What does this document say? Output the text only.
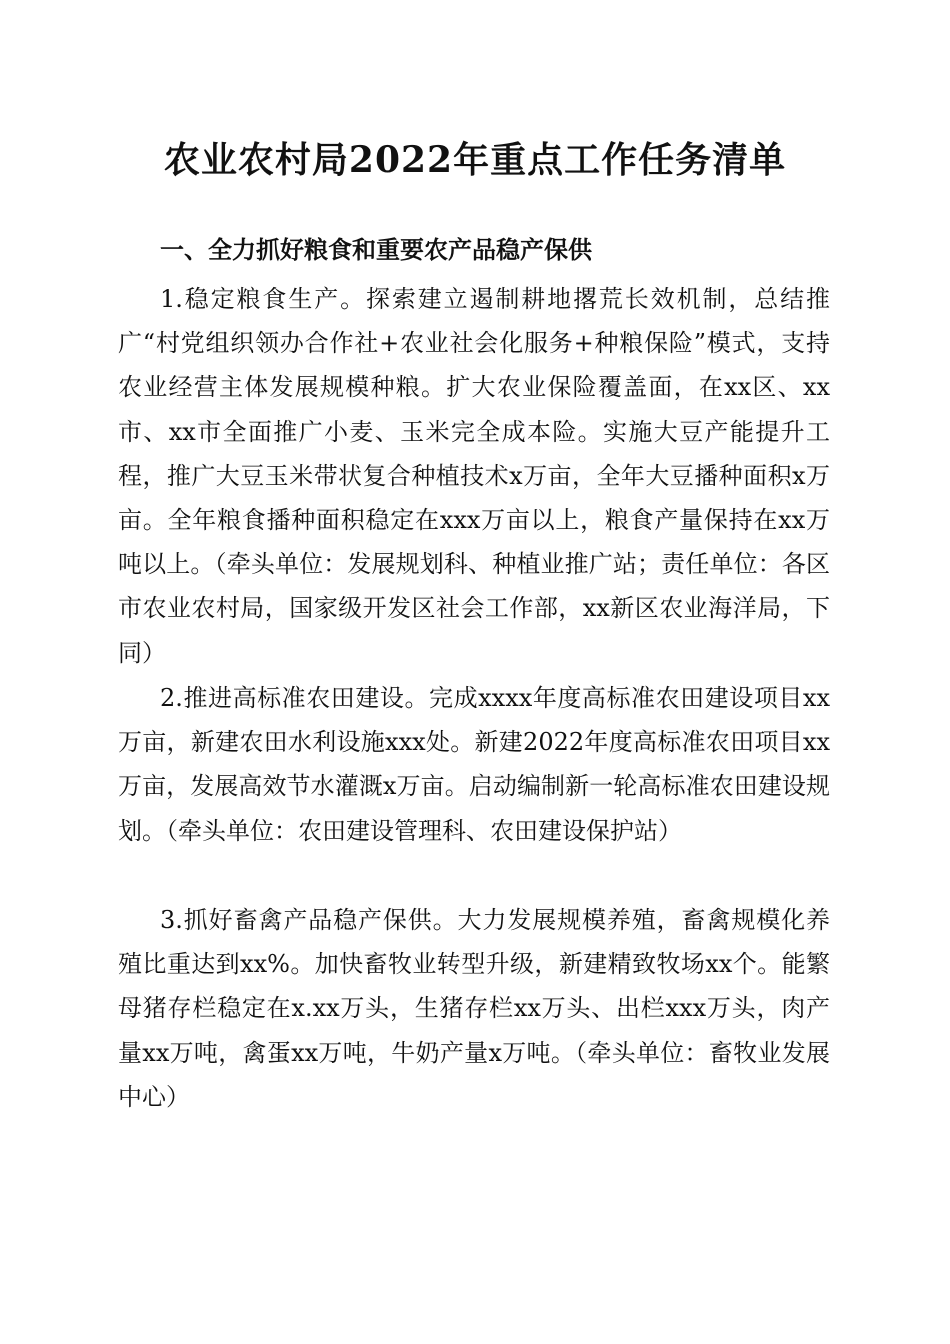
农业农村局2022年重点工作任务清单
一、全力抓好粮食和重要农产品稳产保供

1.稳定粮食生产。探索建立遏制耕地撂荒长效机制，总结推广“村党组织领办合作社+农业社会化服务+种粮保险”模式，支持农业经营主体发展规模种粮。扩大农业保险覆盖面，在xx区、xx市、xx市全面推广小麦、玉米完全成本险。实施大豆产能提升工程，推广大豆玉米带状复合种植技术x万亩，全年大豆播种面积x万亩。全年粮食播种面积稳定在xxx万亩以上，粮食产量保持在xx万吨以上。（牵头单位：发展规划科、种植业推广站；责任单位：各区市农业农村局，国家级开发区社会工作部，xx新区农业海洋局，下同）

2.推进高标准农田建设。完成xxxx年度高标准农田建设项目xx万亩，新建农田水利设施xxx处。新建2022年度高标准农田项目xx万亩，发展高效节水灌溉x万亩。启动编制新一轮高标准农田建设规划。（牵头单位：农田建设管理科、农田建设保护站）

3.抓好畜禽产品稳产保供。大力发展规模养殖，畜禽规模化养殖比重达到xx%。加快畜牧业转型升级，新建精致牧场xx个。能繁母猪存栏稳定在x.xx万头，生猪存栏xx万头、出栏xxx万头，肉产量xx万吨，禽蛋xx万吨，牛奶产量x万吨。（牵头单位：畜牧业发展中心）
